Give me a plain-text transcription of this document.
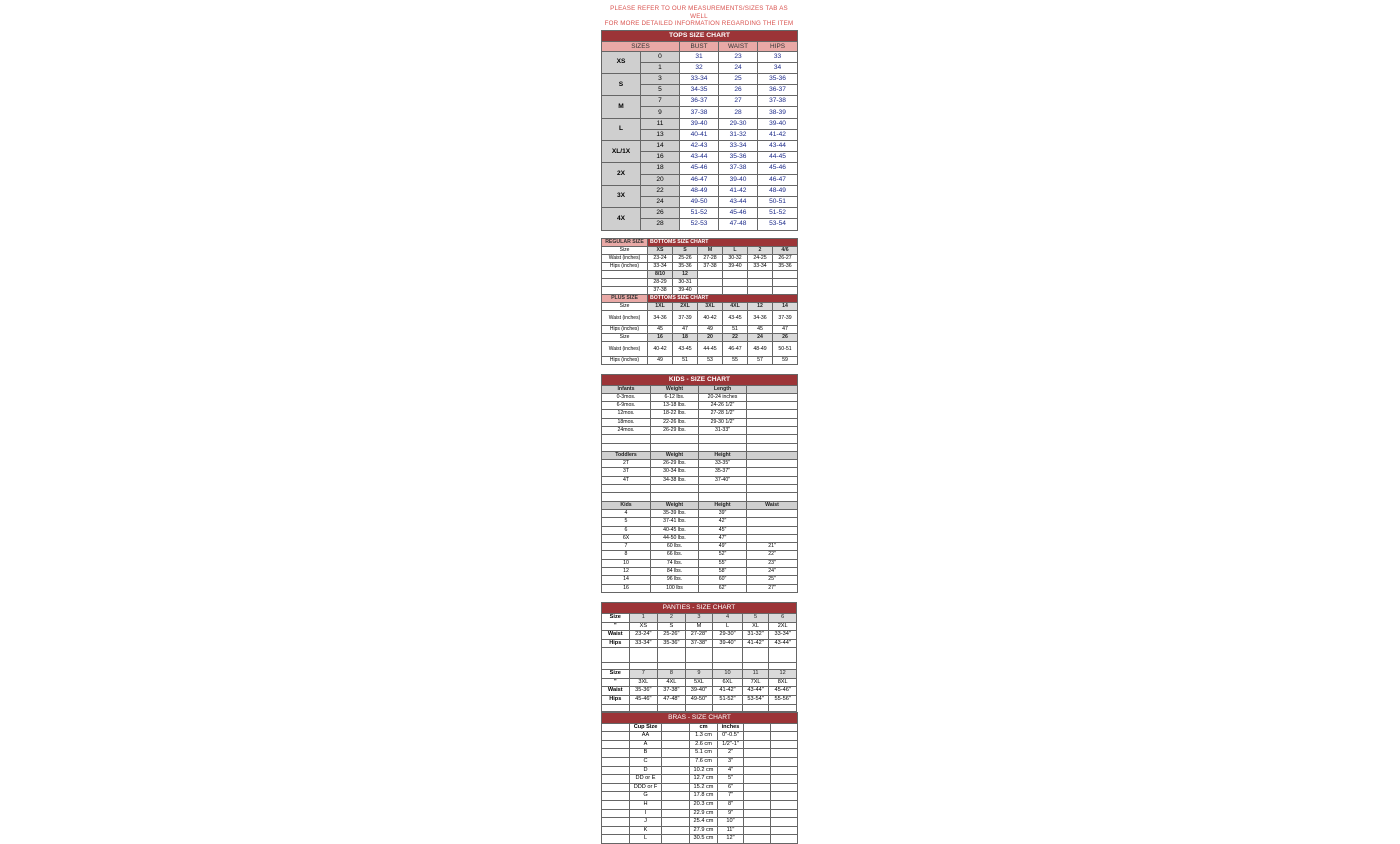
PLEASE REFER TO OUR MEASUREMENTS/SIZES TAB AS WELL
FOR MORE DETAILED INFORMATION REGARDING THE ITEM
TOPS SIZE CHART				
SIZES		BUST	WAIST	HIPS
XS	0	31	23	33
	1	32	24	34
S	3	33-34	25	35-36
	5	34-35	26	36-37
M	7	36-37	27	37-38
	9	37-38	28	38-39
L	11	39-40	29-30	39-40
	13	40-41	31-32	41-42
XL/1X	14	42-43	33-34	43-44
	16	43-44	35-36	44-45
2X	18	45-46	37-38	45-46
	20	46-47	39-40	46-47
3X	22	48-49	41-42	48-49
	24	49-50	43-44	50-51
4X	26	51-52	45-46	51-52
	28	52-53	47-48	53-54
REGULAR SIZE	BOTTOMS SIZE CHART					
Size	XS	S	M	L	2	4/6
Waist (inches)	23-24	25-26	27-28	30-32	24-25	26-27
Hips (inches)	33-34	35-36	37-38	39-40	33-34	35-36
	8/10	12				
	28-29	30-31				
	37-38	39-40				
PLUS SIZE	BOTTOMS SIZE CHART					
Size	1XL	2XL	3XL	4XL	12	14
Waist (inches)	34-36	37-39	40-42	43-45	34-36	37-39
Hips (inches)	45	47	49	51	45	47
Size	16	18	20	22	24	26
Waist (inches)	40-42	43-45	44-45	46-47	48-49	50-51
Hips (inches)	49	51	53	55	57	59
KIDS - SIZE CHART			
Infants	Weight	Length	
0-3mos.	6-12 lbs.	20-24 inches	
6-9mos.	13-18 lbs.	24-26 1/2"	
12mos.	18-22 lbs.	27-28 1/2"	
18mos.	22-26 lbs.	29-30 1/2"	
24mos.	26-29 lbs.	31-33"	

Toddlers	Weight	Height	
2T	26-29 lbs.	33-35"	
3T	30-34 lbs.	35-37"	
4T	34-38 lbs.	37-40"	

Kids	Weight	Height	Waist
4	35-39 lbs.	39"	
5	37-41 lbs.	42"	
6	40-45 lbs.	45"	
6X	44-50 lbs.	47"	
7	60 lbs.	49"	21"
8	66 lbs.	52"	22"
10	74 lbs.	55"	23"
12	84 lbs.	58"	24"
14	96 lbs.	60"	25"
16	100 lbs	62"	27"
PANTIES - SIZE CHART						
Size	1	2	3	4	5	6
"	XS	S	M	L	XL	2XL
Waist	23-24"	25-26"	27-28"	29-30"	31-32"	33-34"
Hips	33-34"	35-36"	37-38"	39-40"	41-42"	43-44"

Size	7	8	9	10	11	12
"	3XL	4XL	5XL	6XL	7XL	8XL
Waist	35-36"	37-38"	39-40"	41-42"	43-44"	45-46"
Hips	45-46"	47-48"	49-50"	51-52"	53-54"	55-56"

BRAS - SIZE CHART						
	Cup Size		cm	inches		
	AA		1.3 cm	0"-0.5"		
	A		2.6 cm	1/2"-1"		
	B		5.1 cm	2"		
	C		7.6 cm	3"		
	D		10.2 cm	4"		
	DD or E		12.7 cm	5"		
	DDD or F		15.2 cm	6"		
	G		17.8 cm	7"		
	H		20.3 cm	8"		
	I		22.9 cm	9"		
	J		25.4 cm	10"		
	K		27.9 cm	11"		
	L		30.5 cm	12"		
